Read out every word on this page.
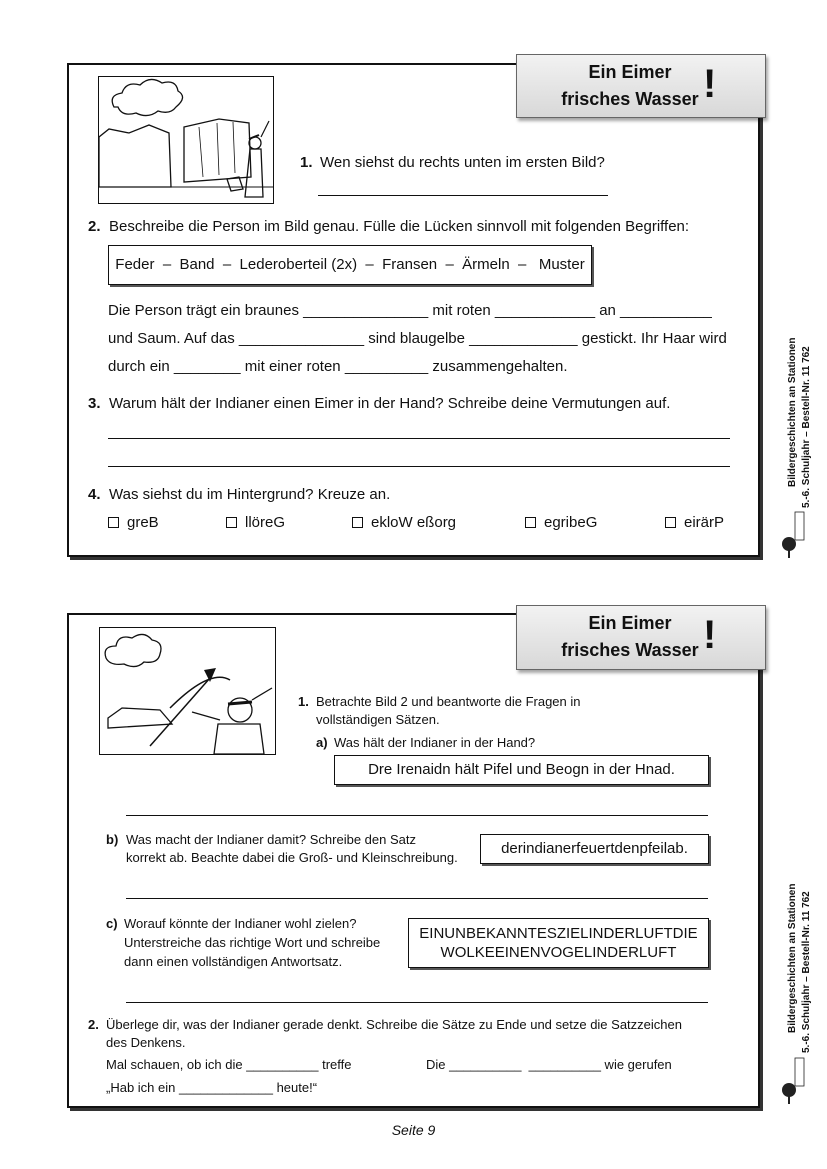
Ein Eimer
frisches Wasser !
1. Wen siehst du rechts unten im ersten Bild?
2. Beschreibe die Person im Bild genau. Fülle die Lücken sinnvoll mit folgenden Begriffen:
Feder  –  Band  –  Lederoberteil (2x)  –  Fransen  –  Ärmeln  –   Muster
Die Person trägt ein braunes _______________ mit roten ____________ an ___________
und Saum. Auf das _______________ sind blaugelbe _____________ gestickt. Ihr Haar wird
durch ein ________ mit einer roten __________ zusammengehalten.
3. Warum hält der Indianer einen Eimer in der Hand? Schreibe deine Vermutungen auf.
4. Was siehst du im Hintergrund? Kreuze an.
greB	llöreG	ekloW eßorg	egribeG	eirärP
Bildergeschichten an Stationen 5.-6. Schuljahr – Bestell-Nr. 11 762
Ein Eimer
frisches Wasser !
1. Betrachte Bild 2 und beantworte die Fragen in
vollständigen Sätzen.
a) Was hält der Indianer in der Hand?
Dre Irenaidn hält Pifel und Beogn in der Hnad.
b) Was macht der Indianer damit? Schreibe den Satz
korrekt ab. Beachte dabei die Groß- und Kleinschreibung.
derindianerfeuertdenpfeilab.
c) Worauf könnte der Indianer wohl zielen?
Unterstreiche das richtige Wort und schreibe
dann einen vollständigen Antwortsatz.
EINUNBEKANNTESZIELINDERLUFTDIE
WOLKEEINENVOGELINDERLUFT
2. Überlege dir, was der Indianer gerade denkt. Schreibe die Sätze zu Ende und setze die Satzzeichen
des Denkens.
Mal schauen, ob ich die __________ treffe	Die __________  __________ wie gerufen
„Hab ich ein _____________ heute!“
Bildergeschichten an Stationen 5.-6. Schuljahr – Bestell-Nr. 11 762
Seite 9
